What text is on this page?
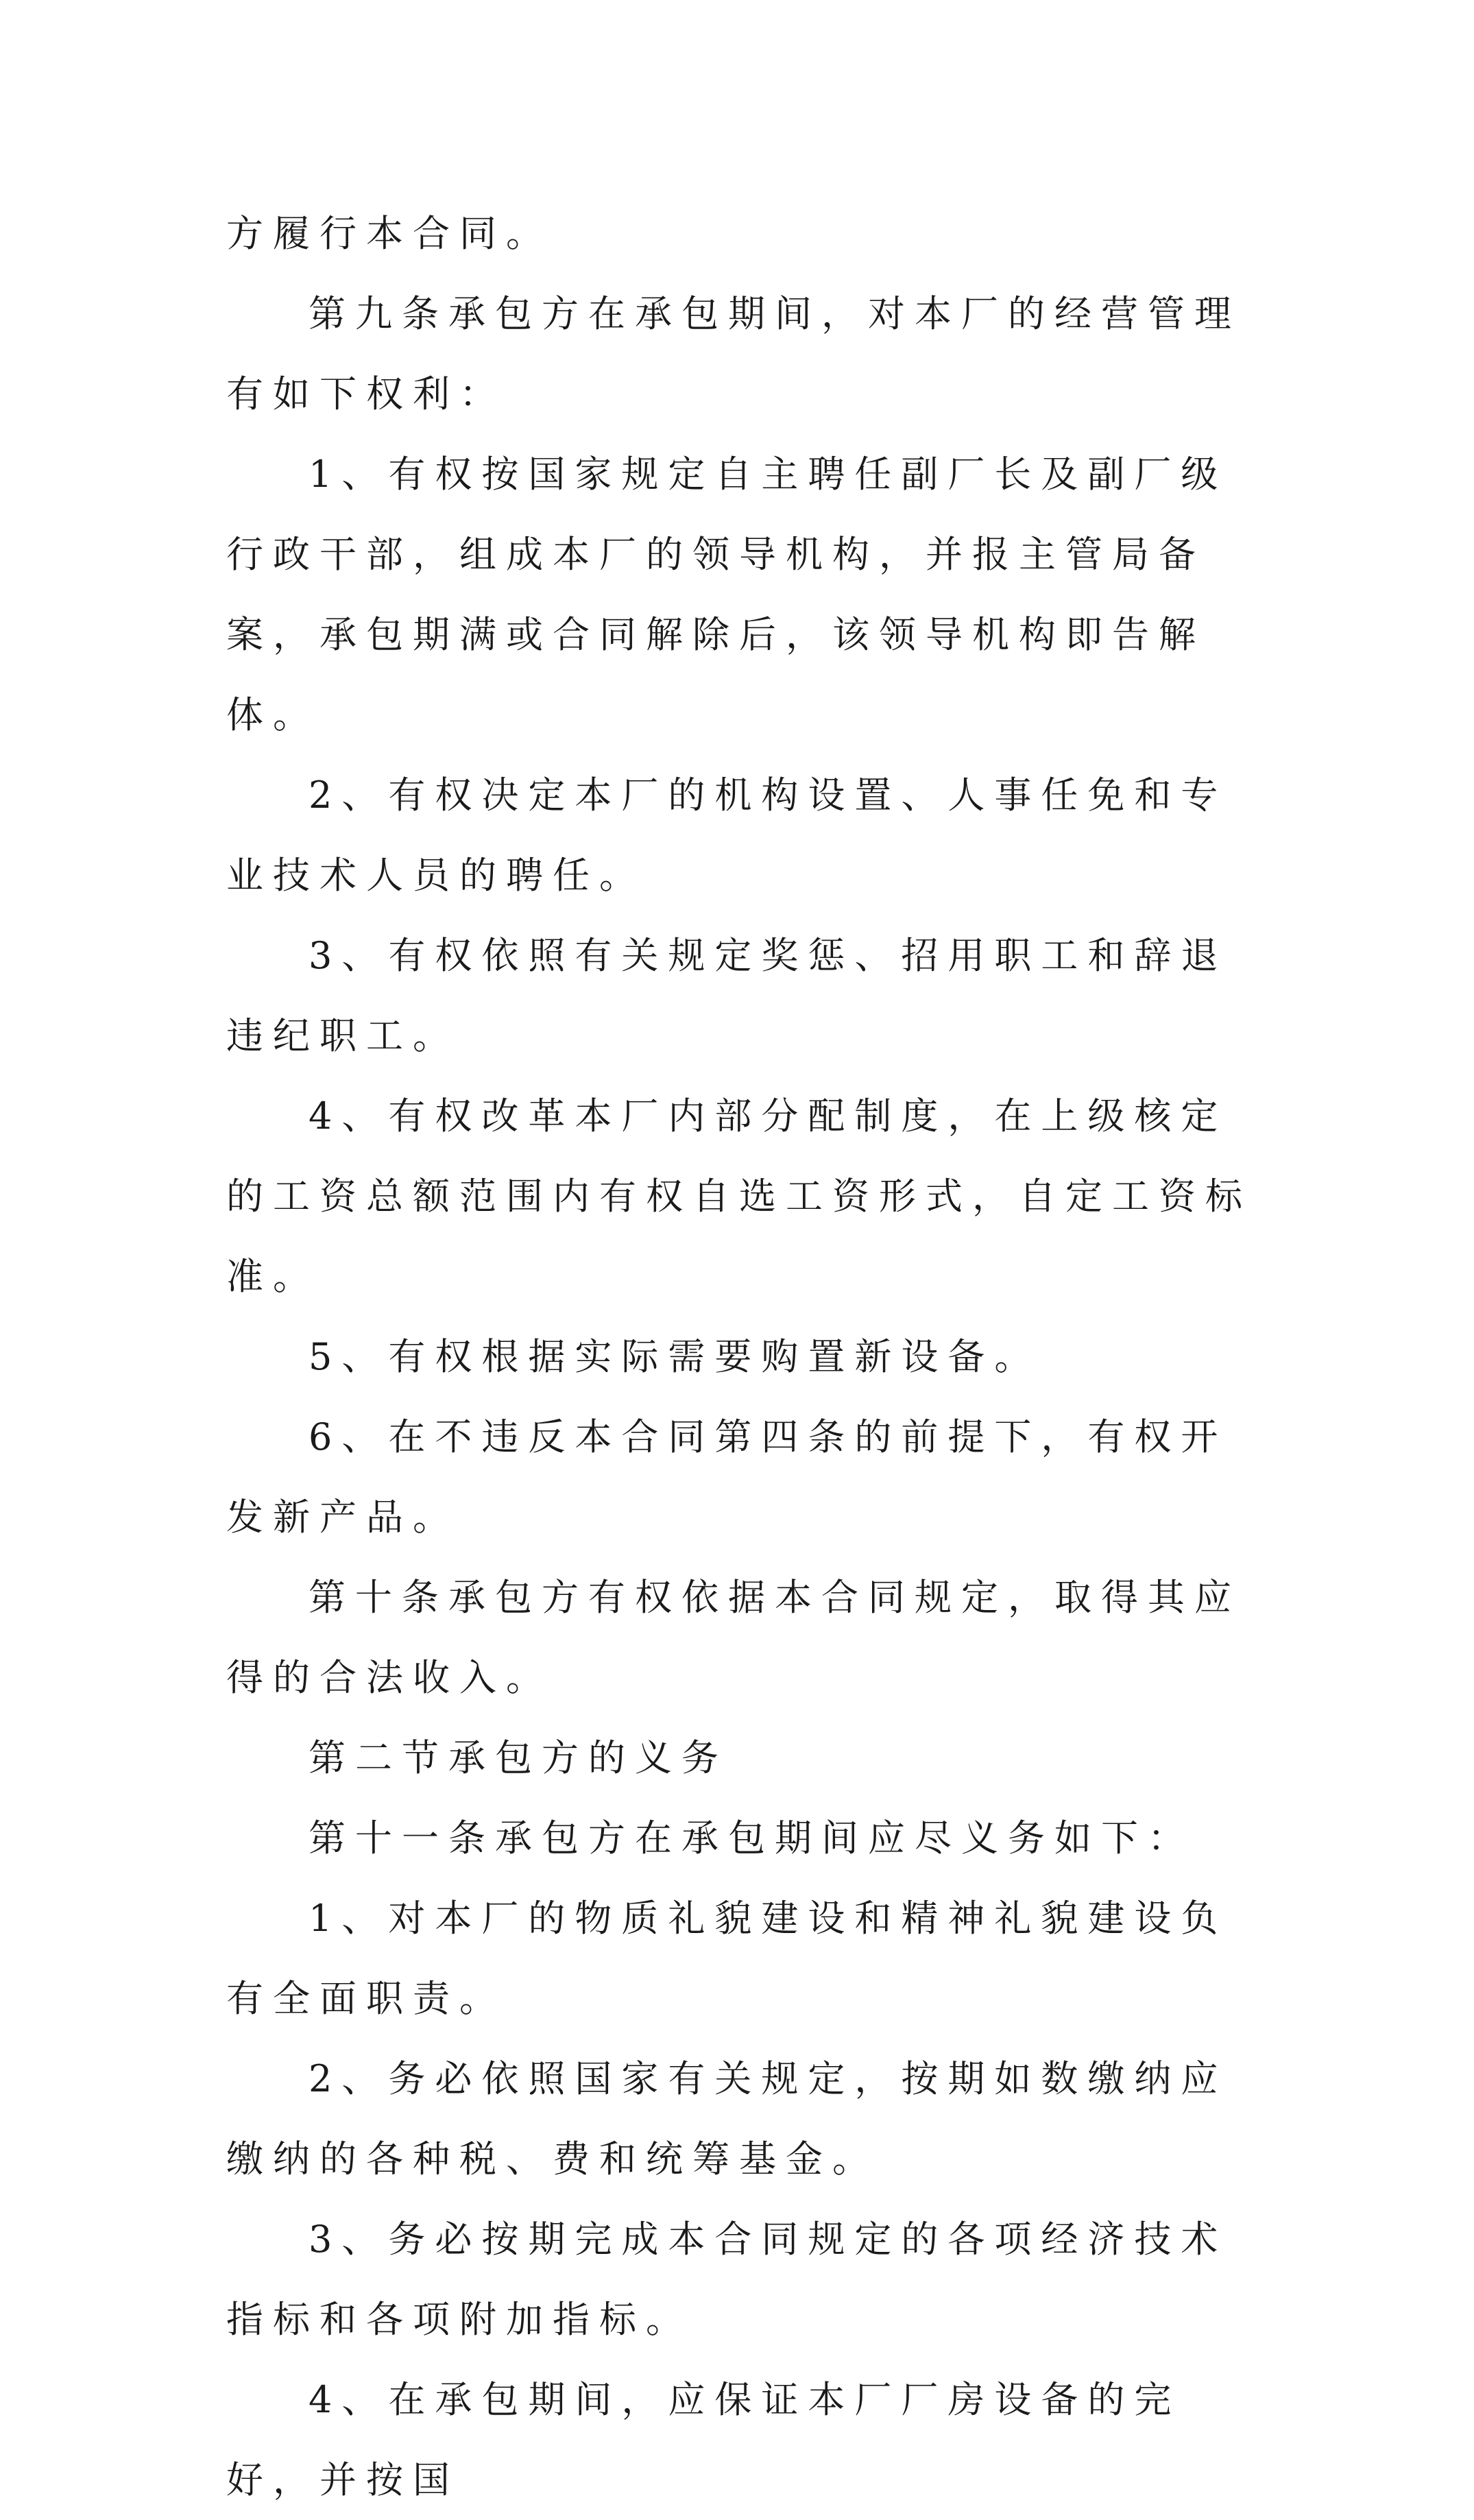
方履行本合同。

第九条承包方在承包期间，对本厂的经营管理有如下权利：

1、有权按国家规定自主聘任副厂长及副厂级行政干部，组成本厂的领导机构，并报主管局备案，承包期满或合同解除后，该领导机构即告解体。

2、有权决定本厂的机构设置、人事任免和专业技术人员的聘任。

3、有权依照有关规定奖惩、招用职工和辞退违纪职工。

4、有权改革本厂内部分配制度，在上级核定的工资总额范围内有权自选工资形式，自定工资标准。

5、有权根据实际需要购置新设备。

6、在不违反本合同第四条的前提下，有权开发新产品。

第十条承包方有权依据本合同规定，取得其应得的合法收入。

第二节承包方的义务

第十一条承包方在承包期间应尽义务如下：

1、对本厂的物质礼貌建设和精神礼貌建设负有全面职责。

2、务必依照国家有关规定，按期如数缴纳应缴纳的各种税、费和统筹基金。

3、务必按期完成本合同规定的各项经济技术指标和各项附加指标。

4、在承包期间，应保证本厂厂房设备的完好，并按国
